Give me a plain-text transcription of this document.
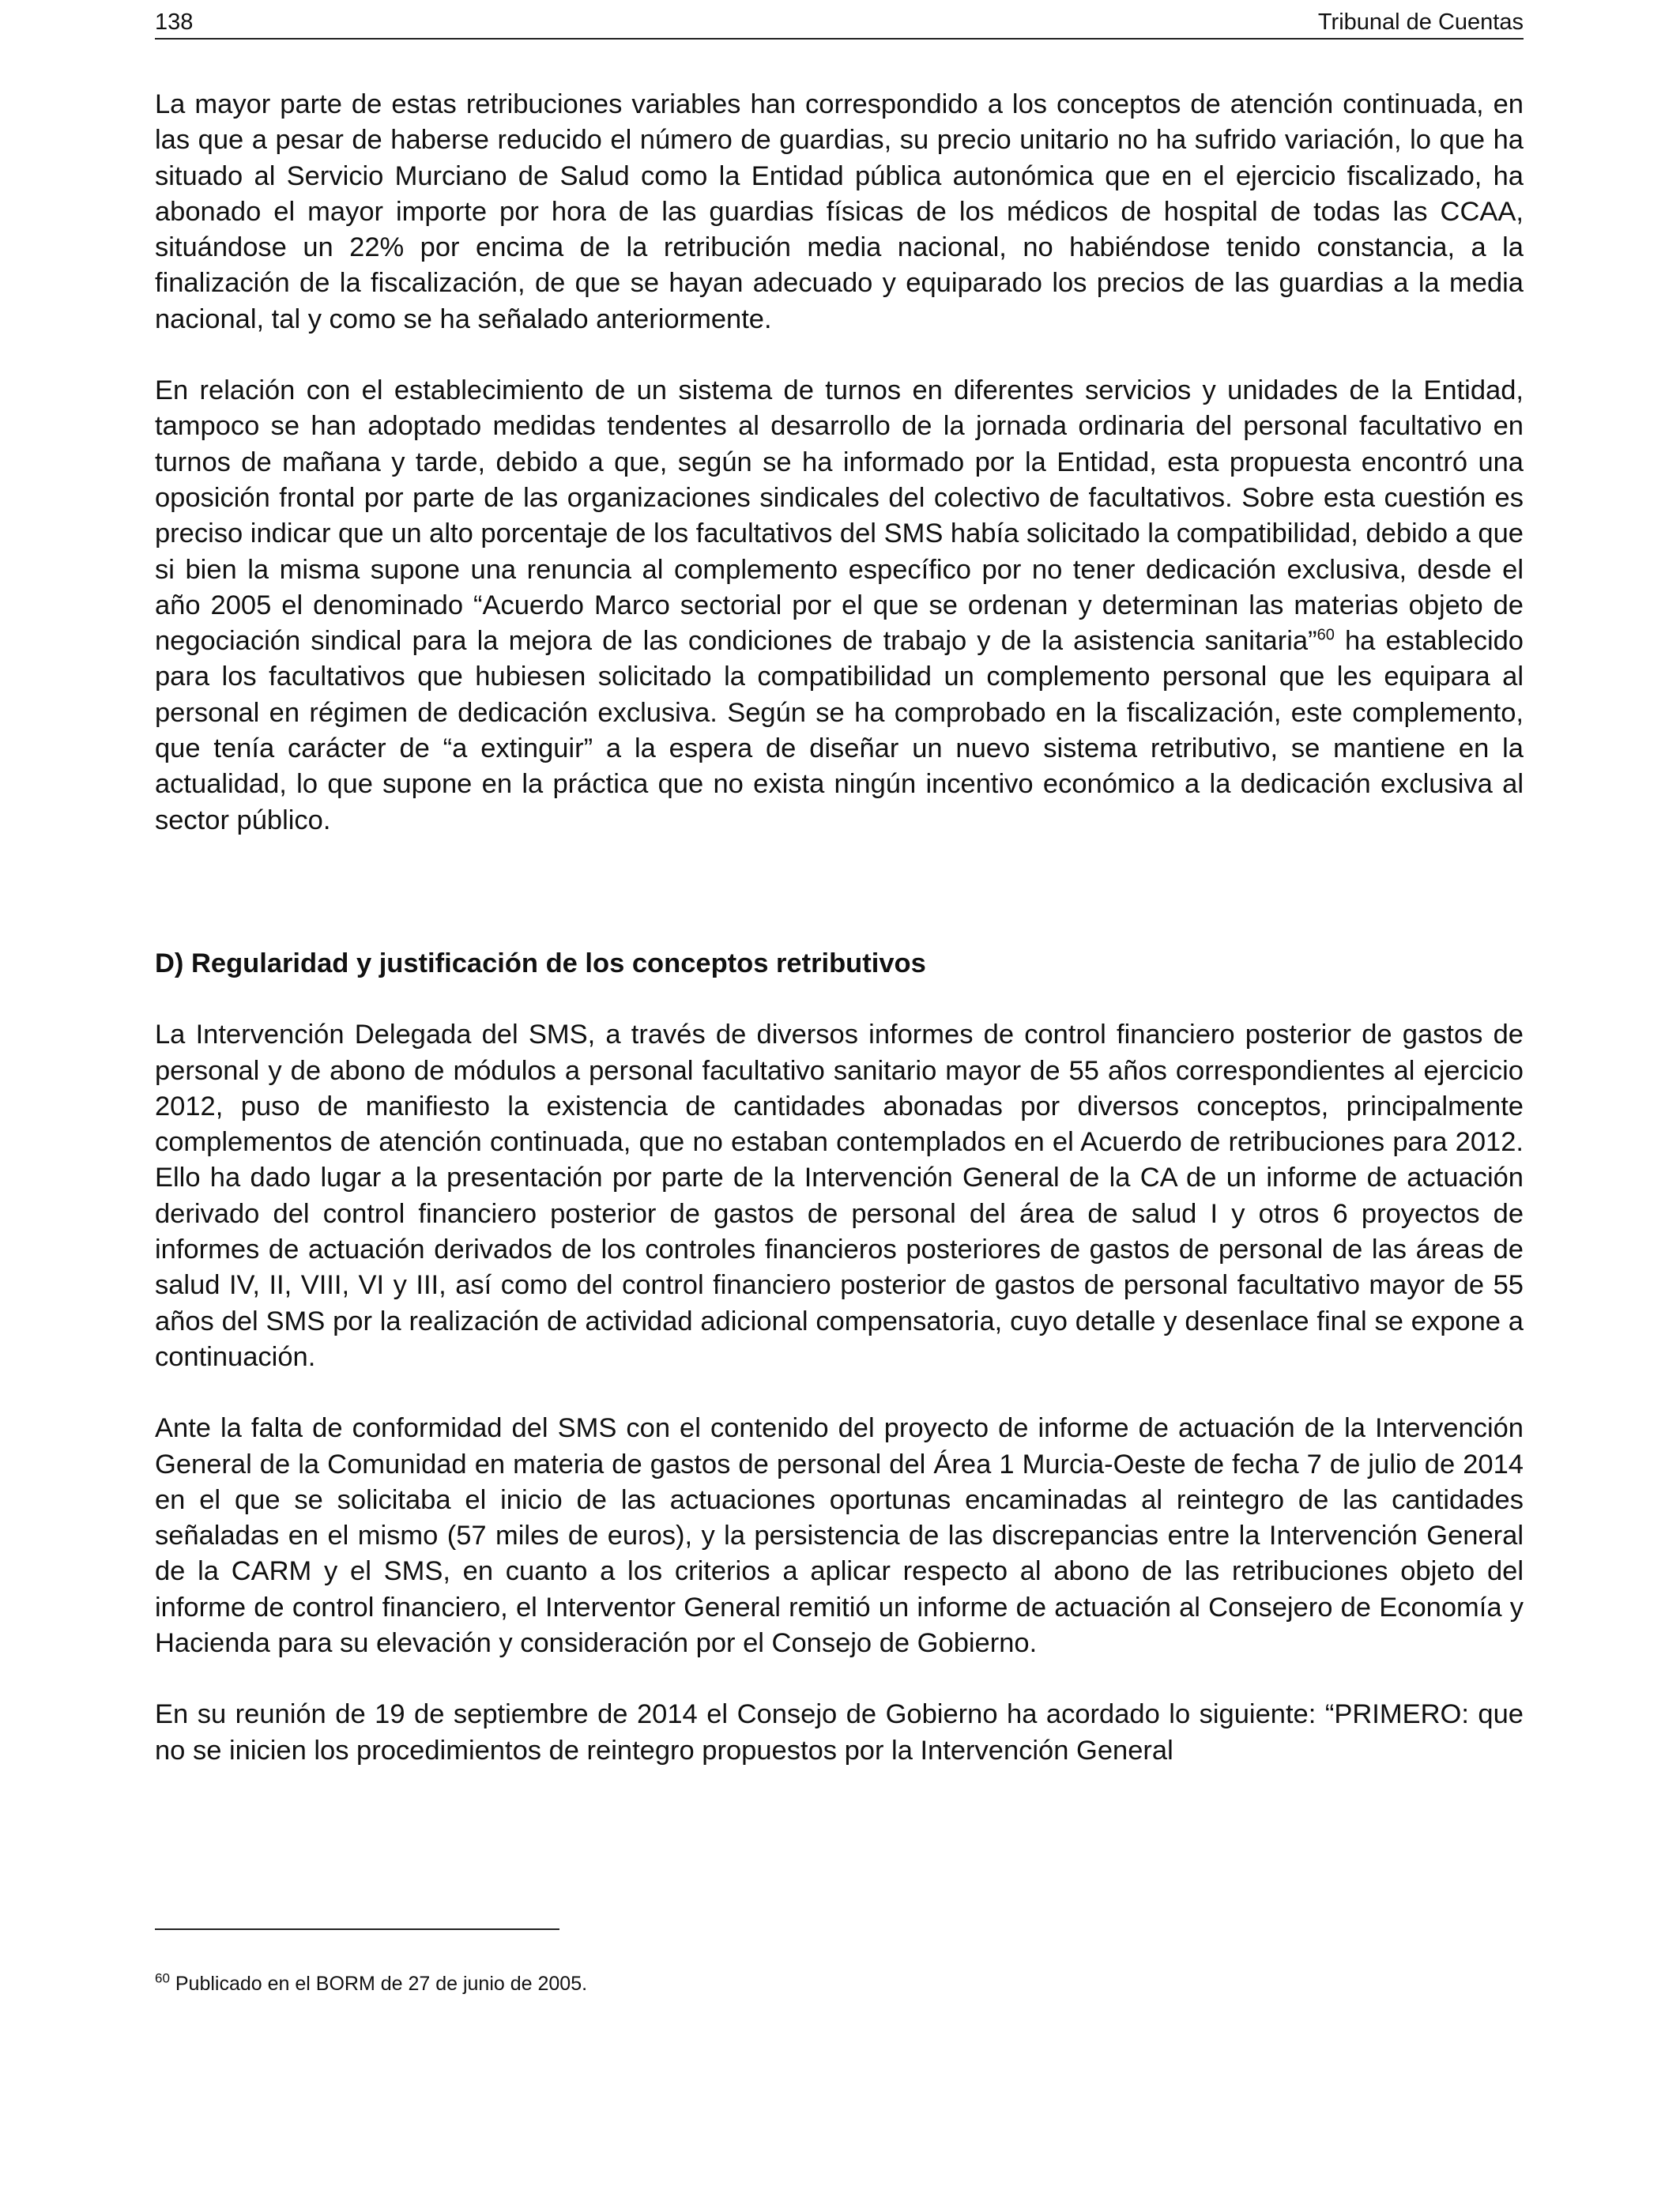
138	Tribunal de Cuentas

La mayor parte de estas retribuciones variables han correspondido a los conceptos de atención continuada, en las que a pesar de haberse reducido el número de guardias, su precio unitario no ha sufrido variación, lo que ha situado al Servicio Murciano de Salud como la Entidad pública autonómica que en el ejercicio fiscalizado, ha abonado el mayor importe por hora de las guardias físicas de los médicos de hospital de todas las CCAA, situándose un 22% por encima de la retribución media nacional, no habiéndose tenido constancia, a la finalización de la fiscalización, de que se hayan adecuado y equiparado los precios de las guardias a la media nacional, tal y como se ha señalado anteriormente.

En relación con el establecimiento de un sistema de turnos en diferentes servicios y unidades de la Entidad, tampoco se han adoptado medidas tendentes al desarrollo de la jornada ordinaria del personal facultativo en turnos de mañana y tarde, debido a que, según se ha informado por la Entidad, esta propuesta encontró una oposición frontal por parte de las organizaciones sindicales del colectivo de facultativos. Sobre esta cuestión es preciso indicar que un alto porcentaje de los facultativos del SMS había solicitado la compatibilidad, debido a que si bien la misma supone una renuncia al complemento específico por no tener dedicación exclusiva, desde el año 2005 el denominado “Acuerdo Marco sectorial por el que se ordenan y determinan las materias objeto de negociación sindical para la mejora de las condiciones de trabajo y de la asistencia sanitaria”$^{60}$ ha establecido para los facultativos que hubiesen solicitado la compatibilidad un complemento personal que les equipara al personal en régimen de dedicación exclusiva. Según se ha comprobado en la fiscalización, este complemento, que tenía carácter de “a extinguir” a la espera de diseñar un nuevo sistema retributivo, se mantiene en la actualidad, lo que supone en la práctica que no exista ningún incentivo económico a la dedicación exclusiva al sector público.

D) Regularidad y justificación de los conceptos retributivos

La Intervención Delegada del SMS, a través de diversos informes de control financiero posterior de gastos de personal y de abono de módulos a personal facultativo sanitario mayor de 55 años correspondientes al ejercicio 2012, puso de manifiesto la existencia de cantidades abonadas por diversos conceptos, principalmente complementos de atención continuada, que no estaban contemplados en el Acuerdo de retribuciones para 2012. Ello ha dado lugar a la presentación por parte de la Intervención General de la CA de un informe de actuación derivado del control financiero posterior de gastos de personal del área de salud I y otros 6 proyectos de informes de actuación derivados de los controles financieros posteriores de gastos de personal de las áreas de salud IV, II, VIII, VI y III, así como del control financiero posterior de gastos de personal facultativo mayor de 55 años del SMS por la realización de actividad adicional compensatoria, cuyo detalle y desenlace final se expone a continuación.

Ante la falta de conformidad del SMS con el contenido del proyecto de informe de actuación de la Intervención General de la Comunidad en materia de gastos de personal del Área 1 Murcia-Oeste de fecha 7 de julio de 2014 en el que se solicitaba el inicio de las actuaciones oportunas encaminadas al reintegro de las cantidades señaladas en el mismo (57 miles de euros), y la persistencia de las discrepancias entre la Intervención General de la CARM y el SMS, en cuanto a los criterios a aplicar respecto al abono de las retribuciones objeto del informe de control financiero, el Interventor General remitió un informe de actuación al Consejero de Economía y Hacienda para su elevación y consideración por el Consejo de Gobierno.

En su reunión de 19 de septiembre de 2014 el Consejo de Gobierno ha acordado lo siguiente: “PRIMERO: que no se inicien los procedimientos de reintegro propuestos por la Intervención General

$^{60}$ Publicado en el BORM de 27 de junio de 2005.
